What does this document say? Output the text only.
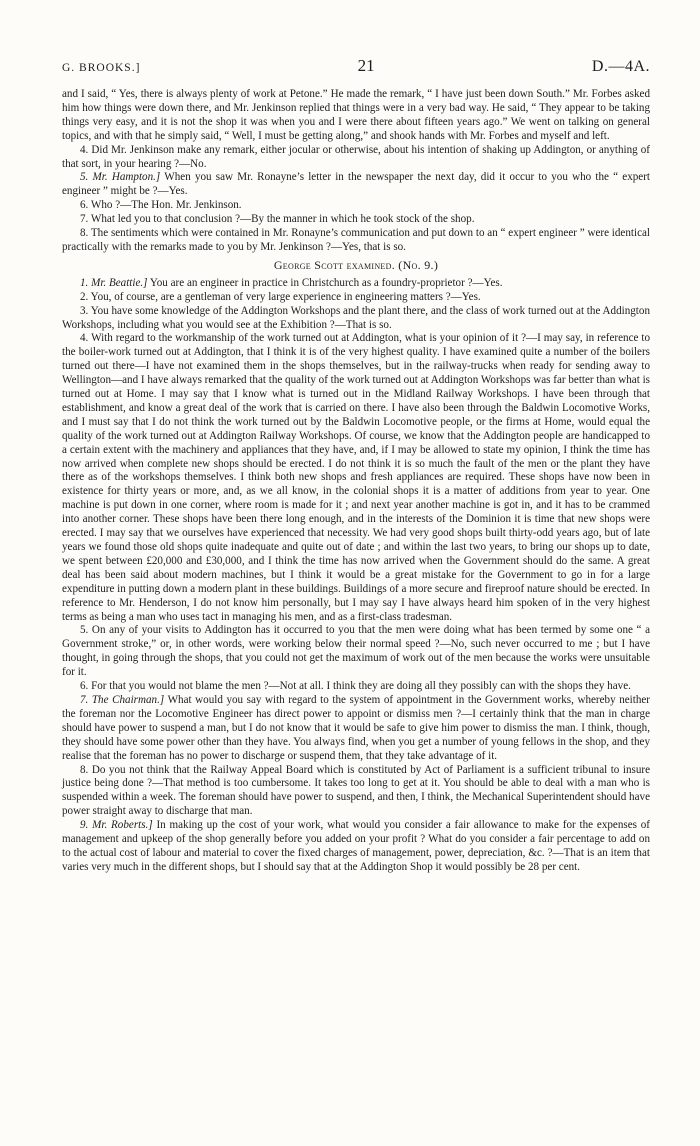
G. BROOKS.]	21	D.—4A.

and I said, “ Yes, there is always plenty of work at Petone.” He made the remark, “ I have just been down South.” Mr. Forbes asked him how things were down there, and Mr. Jenkinson replied that things were in a very bad way. He said, “ They appear to be taking things very easy, and it is not the shop it was when you and I were there about fifteen years ago.” We went on talking on general topics, and with that he simply said, “ Well, I must be getting along,” and shook hands with Mr. Forbes and myself and left.

4. Did Mr. Jenkinson make any remark, either jocular or otherwise, about his intention of shaking up Addington, or anything of that sort, in your hearing ?—No.

5. Mr. Hampton.] When you saw Mr. Ronayne’s letter in the newspaper the next day, did it occur to you who the “ expert engineer ” might be ?—Yes.

6. Who ?—The Hon. Mr. Jenkinson.

7. What led you to that conclusion ?—By the manner in which he took stock of the shop.

8. The sentiments which were contained in Mr. Ronayne’s communication and put down to an “ expert engineer ” were identical practically with the remarks made to you by Mr. Jenkinson ?—Yes, that is so.

George Scott examined. (No. 9.)

1. Mr. Beattie.] You are an engineer in practice in Christchurch as a foundry-proprietor ?—Yes.

2. You, of course, are a gentleman of very large experience in engineering matters ?—Yes.

3. You have some knowledge of the Addington Workshops and the plant there, and the class of work turned out at the Addington Workshops, including what you would see at the Exhibition ?—That is so.

4. With regard to the workmanship of the work turned out at Addington, what is your opinion of it ?—I may say, in reference to the boiler-work turned out at Addington, that I think it is of the very highest quality. I have examined quite a number of the boilers turned out there—I have not examined them in the shops themselves, but in the railway-trucks when ready for sending away to Wellington—and I have always remarked that the quality of the work turned out at Addington Workshops was far better than what is turned out at Home. I may say that I know what is turned out in the Midland Railway Workshops. I have been through that establishment, and know a great deal of the work that is carried on there. I have also been through the Baldwin Locomotive Works, and I must say that I do not think the work turned out by the Baldwin Locomotive people, or the firms at Home, would equal the quality of the work turned out at Addington Railway Workshops. Of course, we know that the Addington people are handicapped to a certain extent with the machinery and appliances that they have, and, if I may be allowed to state my opinion, I think the time has now arrived when complete new shops should be erected. I do not think it is so much the fault of the men or the plant they have there as of the workshops themselves. I think both new shops and fresh appliances are required. These shops have now been in existence for thirty years or more, and, as we all know, in the colonial shops it is a matter of additions from year to year. One machine is put down in one corner, where room is made for it ; and next year another machine is got in, and it has to be crammed into another corner. These shops have been there long enough, and in the interests of the Dominion it is time that new shops were erected. I may say that we ourselves have experienced that necessity. We had very good shops built thirty-odd years ago, but of late years we found those old shops quite inadequate and quite out of date ; and within the last two years, to bring our shops up to date, we spent between £20,000 and £30,000, and I think the time has now arrived when the Government should do the same. A great deal has been said about modern machines, but I think it would be a great mistake for the Government to go in for a large expenditure in putting down a modern plant in these buildings. Buildings of a more secure and fireproof nature should be erected. In reference to Mr. Henderson, I do not know him personally, but I may say I have always heard him spoken of in the very highest terms as being a man who uses tact in managing his men, and as a first-class tradesman.

5. On any of your visits to Addington has it occurred to you that the men were doing what has been termed by some one “ a Government stroke,” or, in other words, were working below their normal speed ?—No, such never occurred to me ; but I have thought, in going through the shops, that you could not get the maximum of work out of the men because the works were unsuitable for it.

6. For that you would not blame the men ?—Not at all. I think they are doing all they possibly can with the shops they have.

7. The Chairman.] What would you say with regard to the system of appointment in the Government works, whereby neither the foreman nor the Locomotive Engineer has direct power to appoint or dismiss men ?—I certainly think that the man in charge should have power to suspend a man, but I do not know that it would be safe to give him power to dismiss the man. I think, though, they should have some power other than they have. You always find, when you get a number of young fellows in the shop, and they realise that the foreman has no power to discharge or suspend them, that they take advantage of it.

8. Do you not think that the Railway Appeal Board which is constituted by Act of Parliament is a sufficient tribunal to insure justice being done ?—That method is too cumbersome. It takes too long to get at it. You should be able to deal with a man who is suspended within a week. The foreman should have power to suspend, and then, I think, the Mechanical Superintendent should have power straight away to discharge that man.

9. Mr. Roberts.] In making up the cost of your work, what would you consider a fair allowance to make for the expenses of management and upkeep of the shop generally before you added on your profit ? What do you consider a fair percentage to add on to the actual cost of labour and material to cover the fixed charges of management, power, depreciation, &c. ?—That is an item that varies very much in the different shops, but I should say that at the Addington Shop it would possibly be 28 per cent.
